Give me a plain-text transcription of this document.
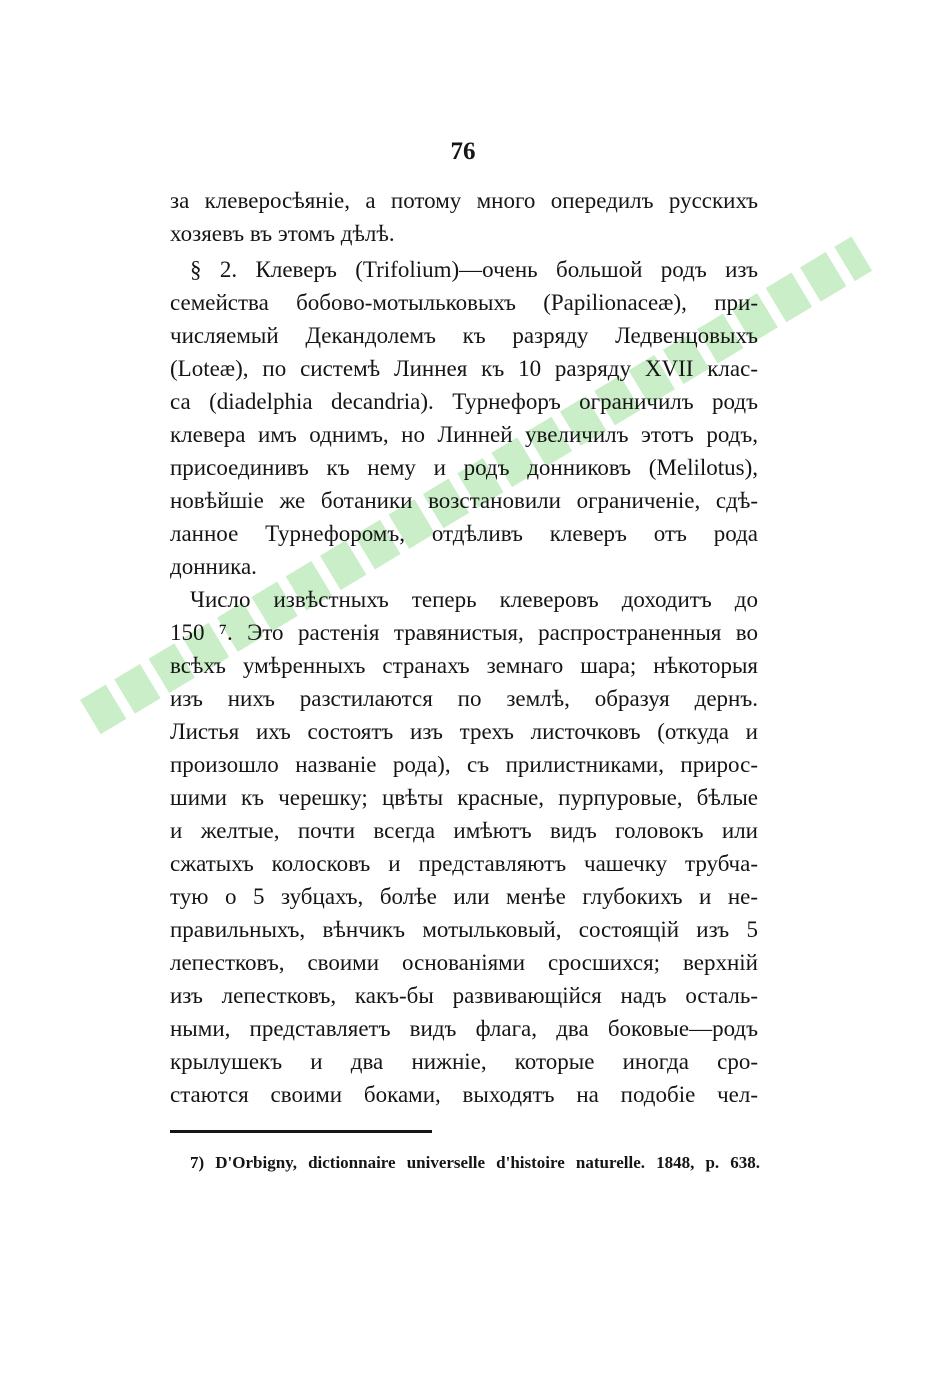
76
за клеверосѣяніе, а потому много опередилъ русскихъ
хозяевъ въ этомъ дѣлѣ.
§ 2. Клеверъ (Trifolium)—очень большой родъ изъ
семейства бобово-мотыльковыхъ (Papilionaceæ), при-
числяемый Декандолемъ къ разряду Ледвенцовыхъ
(Loteæ), по системѣ Линнея къ 10 разряду XVII клас-
са (diadelphia decandria). Турнефоръ ограничилъ родъ
клевера имъ однимъ, но Линней увеличилъ этотъ родъ,
присоединивъ къ нему и родъ донниковъ (Melilotus),
новѣйшіе же ботаники возстановили ограниченіе, сдѣ-
ланное Турнефоромъ, отдѣливъ клеверъ отъ рода
донника.
Число извѣстныхъ теперь клеверовъ доходитъ до
150 ⁷. Это растенія травянистыя, распространенныя во
всѣхъ умѣренныхъ странахъ земнаго шара; нѣкоторыя
изъ нихъ разстилаются по землѣ, образуя дернъ.
Листья ихъ состоятъ изъ трехъ листочковъ (откуда и
произошло названіе рода), съ прилистниками, прирос-
шими къ черешку; цвѣты красные, пурпуровые, бѣлые
и желтые, почти всегда имѣютъ видъ головокъ или
сжатыхъ колосковъ и представляютъ чашечку трубча-
тую о 5 зубцахъ, болѣе или менѣе глубокихъ и не-
правильныхъ, вѣнчикъ мотыльковый, состоящій изъ 5
лепестковъ, своими основаніями сросшихся; верхній
изъ лепестковъ, какъ-бы развивающійся надъ осталь-
ными, представляетъ видъ флага, два боковые—родъ
крылушекъ и два нижніе, которые иногда сро-
стаются своими боками, выходятъ на подобіе чел-
7) D'Orbigny, dictionnaire universelle d'histoire naturelle. 1848, p. 638.
